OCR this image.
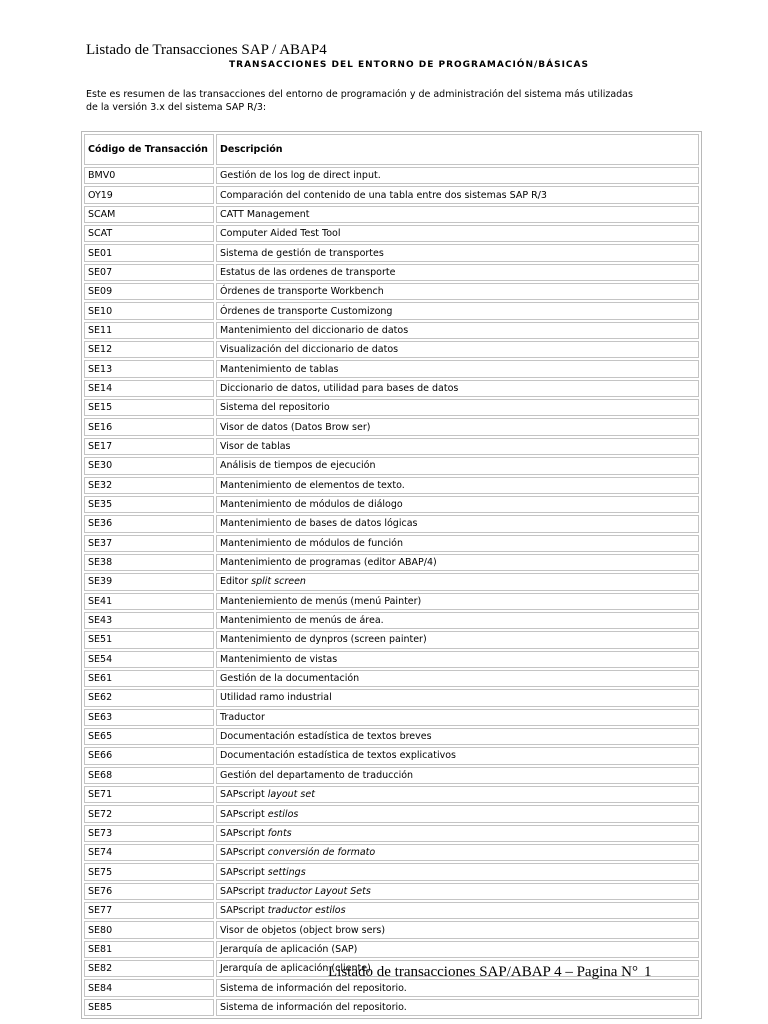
Listado de Transacciones SAP / ABAP4
TRANSACCIONES DEL ENTORNO DE PROGRAMACIÓN/BÁSICAS
Este es resumen de las transacciones del entorno de programación y de administración del sistema más utilizadas de la versión 3.x del sistema SAP R/3:
Código de Transacción	Descripción
BMV0	Gestión de los log de direct input.
OY19	Comparación del contenido de una tabla entre dos sistemas SAP R/3
SCAM	CATT Management
SCAT	Computer Aided Test Tool
SE01	Sistema de gestión de transportes
SE07	Estatus de las ordenes de transporte
SE09	Órdenes de transporte Workbench
SE10	Órdenes de transporte Customizong
SE11	Mantenimiento del diccionario de datos
SE12	Visualización del diccionario de datos
SE13	Mantenimiento de tablas
SE14	Diccionario de datos, utilidad para bases de datos
SE15	Sistema del repositorio
SE16	Visor de datos (Datos Brow ser)
SE17	Visor de tablas
SE30	Análisis de tiempos de ejecución
SE32	Mantenimiento de elementos de texto.
SE35	Mantenimiento de módulos de diálogo
SE36	Mantenimiento de bases de datos lógicas
SE37	Mantenimiento de módulos de función
SE38	Mantenimiento de programas (editor ABAP/4)
SE39	Editor split screen
SE41	Manteniemiento de menús (menú Painter)
SE43	Mantenimiento de menús de área.
SE51	Mantenimiento de dynpros (screen painter)
SE54	Mantenimiento de vistas
SE61	Gestión de la documentación
SE62	Utilidad ramo industrial
SE63	Traductor
SE65	Documentación estadística de textos breves
SE66	Documentación estadística de textos explicativos
SE68	Gestión del departamento de traducción
SE71	SAPscript layout set
SE72	SAPscript estilos
SE73	SAPscript fonts
SE74	SAPscript conversión de formato
SE75	SAPscript settings
SE76	SAPscript traductor Layout Sets
SE77	SAPscript traductor estilos
SE80	Visor de objetos (object brow sers)
SE81	Jerarquía de aplicación (SAP)
SE82	Jerarquía de aplicación (cliente)
SE84	Sistema de información del repositorio.
SE85	Sistema de información del repositorio.
Listado de transacciones SAP/ABAP 4 – Pagina N° 1
